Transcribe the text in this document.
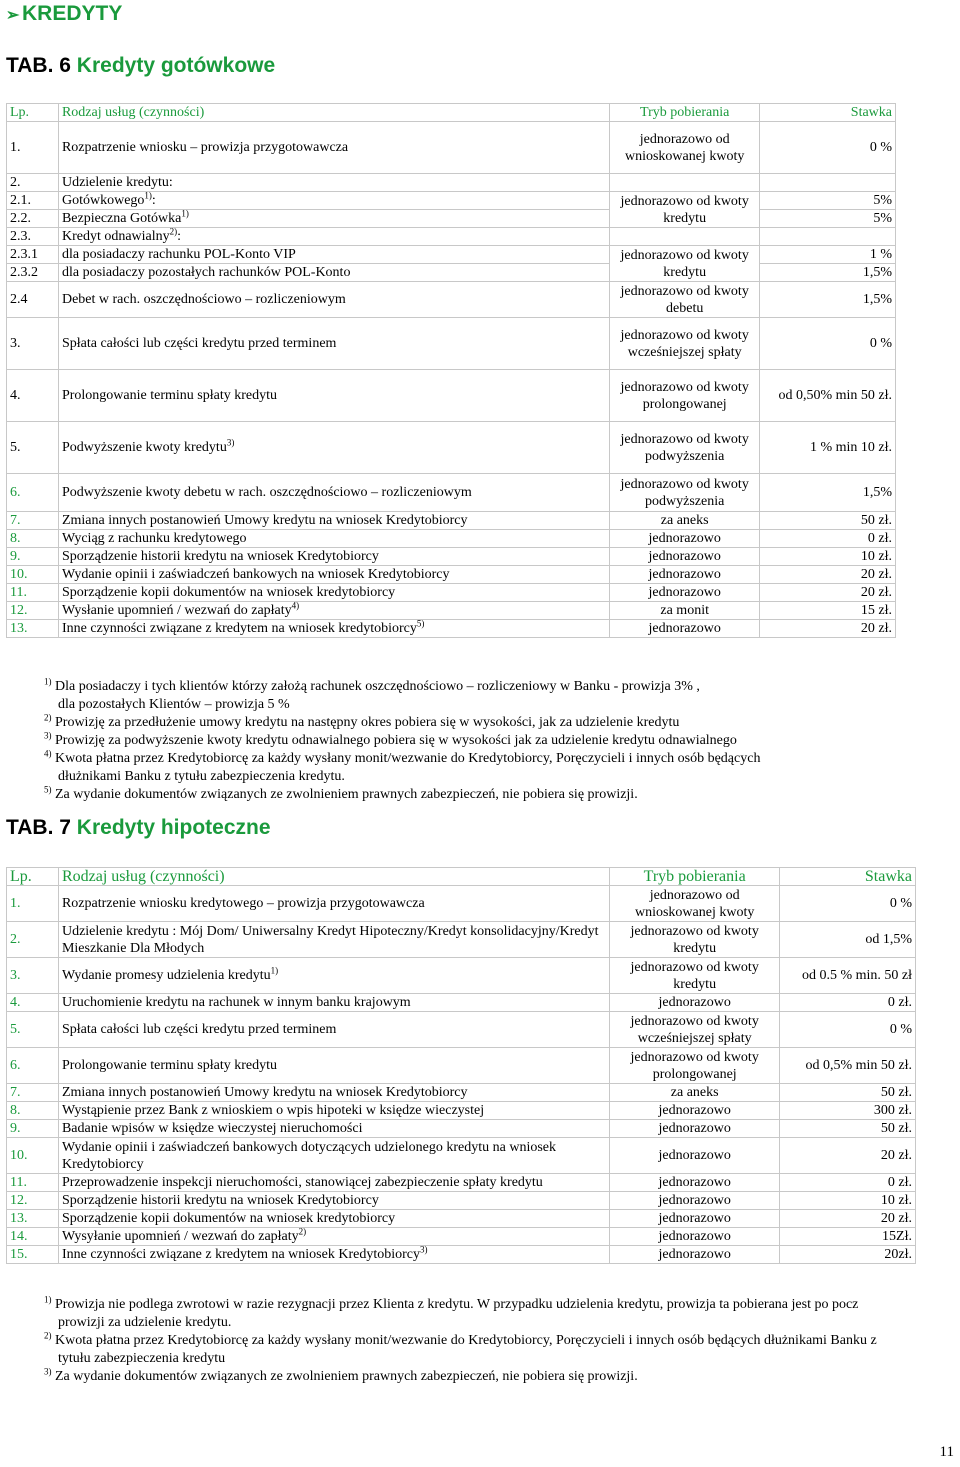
➢ KREDYTY
TAB. 6 Kredyty gotówkowe
Lp.	Rodzaj usług (czynności)	Tryb pobierania	Stawka
1.	Rozpatrzenie wniosku – prowizja przygotowawcza	jednorazowo od wnioskowanej kwoty	0 %
2.	Udzielenie kredytu:		
2.1.	Gotówkowego$^{1)}$:	jednorazowo od kwoty kredytu	5%
2.2.	Bezpieczna Gotówka$^{1)}$		5%
2.3.	Kredyt odnawialny$^{2)}$:		
2.3.1	dla posiadaczy rachunku POL-Konto VIP	jednorazowo od kwoty kredytu	1 %
2.3.2	dla posiadaczy pozostałych rachunków POL-Konto		1,5%
2.4	Debet w rach. oszczędnościowo – rozliczeniowym	jednorazowo od kwoty debetu	1,5%
3.	Spłata całości lub części kredytu przed terminem	jednorazowo od kwoty wcześniejszej spłaty	0 %
4.	Prolongowanie terminu spłaty kredytu	jednorazowo od kwoty prolongowanej	od 0,50% min 50 zł.
5.	Podwyższenie kwoty kredytu$^{3)}$	jednorazowo od kwoty podwyższenia	1 % min 10 zł.
6.	Podwyższenie kwoty debetu w rach. oszczędnościowo – rozliczeniowym	jednorazowo od kwoty podwyższenia	1,5%
7.	Zmiana innych postanowień Umowy kredytu na wniosek Kredytobiorcy	za aneks	50 zł.
8.	Wyciąg z rachunku kredytowego	jednorazowo	0 zł.
9.	Sporządzenie historii kredytu na wniosek Kredytobiorcy	jednorazowo	10 zł.
10.	Wydanie opinii i zaświadczeń bankowych na wniosek Kredytobiorcy	jednorazowo	20 zł.
11.	Sporządzenie kopii dokumentów na wniosek kredytobiorcy	jednorazowo	20 zł.
12.	Wysłanie upomnień / wezwań do zapłaty$^{4)}$	za monit	15 zł.
13.	Inne czynności związane z kredytem na wniosek kredytobiorcy$^{5)}$	jednorazowo	20 zł.

$^{1)}$ Dla posiadaczy i tych klientów którzy założą rachunek oszczędnościowo – rozliczeniowy w Banku - prowizja 3% ,

dla pozostałych Klientów – prowizja 5 %

$^{2)}$ Prowizję za przedłużenie umowy kredytu na następny okres pobiera się w wysokości, jak za udzielenie kredytu

$^{3)}$ Prowizję za podwyższenie kwoty kredytu odnawialnego pobiera się w wysokości jak za udzielenie kredytu odnawialnego

$^{4)}$ Kwota płatna przez Kredytobiorcę za każdy wysłany monit/wezwanie do Kredytobiorcy, Poręczycieli i innych osób będących

dłużnikami Banku z tytułu zabezpieczenia kredytu.

$^{5)}$ Za wydanie dokumentów związanych ze zwolnieniem prawnych zabezpieczeń, nie pobiera się prowizji.

TAB. 7 Kredyty hipoteczne
Lp.	Rodzaj usług (czynności)	Tryb pobierania	Stawka
1.	Rozpatrzenie wniosku kredytowego – prowizja przygotowawcza	jednorazowo od wnioskowanej kwoty	0 %
2.	Udzielenie kredytu : Mój Dom/ Uniwersalny Kredyt Hipoteczny/Kredyt konsolidacyjny/Kredyt Mieszkanie Dla Młodych	jednorazowo od kwoty kredytu	od 1,5%
3.	Wydanie promesy udzielenia kredytu$^{1)}$	jednorazowo od kwoty kredytu	od 0.5 % min. 50 zł
4.	Uruchomienie kredytu na rachunek w innym banku krajowym	jednorazowo	0 zł.
5.	Spłata całości lub części kredytu przed terminem	jednorazowo od kwoty wcześniejszej spłaty	0 %
6.	Prolongowanie terminu spłaty kredytu	jednorazowo od kwoty prolongowanej	od 0,5% min 50 zł.
7.	Zmiana innych postanowień Umowy kredytu na wniosek Kredytobiorcy	za aneks	50 zł.
8.	Wystąpienie przez Bank z wnioskiem o wpis hipoteki w księdze wieczystej	jednorazowo	300 zł.
9.	Badanie wpisów w księdze wieczystej nieruchomości	jednorazowo	50 zł.
10.	Wydanie opinii i zaświadczeń bankowych dotyczących udzielonego kredytu na wniosek Kredytobiorcy	jednorazowo	20 zł.
11.	Przeprowadzenie inspekcji nieruchomości, stanowiącej zabezpieczenie spłaty kredytu	jednorazowo	0 zł.
12.	Sporządzenie historii kredytu na wniosek Kredytobiorcy	jednorazowo	10 zł.
13.	Sporządzenie kopii dokumentów na wniosek kredytobiorcy	jednorazowo	20 zł.
14.	Wysyłanie upomnień / wezwań do zapłaty$^{2)}$	jednorazowo	15Zł.
15.	Inne czynności związane z kredytem na wniosek Kredytobiorcy$^{3)}$	jednorazowo	20zł.

$^{1)}$ Prowizja nie podlega zwrotowi w razie rezygnacji przez Klienta z kredytu. W przypadku udzielenia kredytu, prowizja ta pobierana jest po pocz

prowizji za udzielenie kredytu.

$^{2)}$ Kwota płatna przez Kredytobiorcę za każdy wysłany monit/wezwanie do Kredytobiorcy, Poręczycieli i innych osób będących dłużnikami Banku z

tytułu zabezpieczenia kredytu

$^{3)}$ Za wydanie dokumentów związanych ze zwolnieniem prawnych zabezpieczeń, nie pobiera się prowizji.

11
